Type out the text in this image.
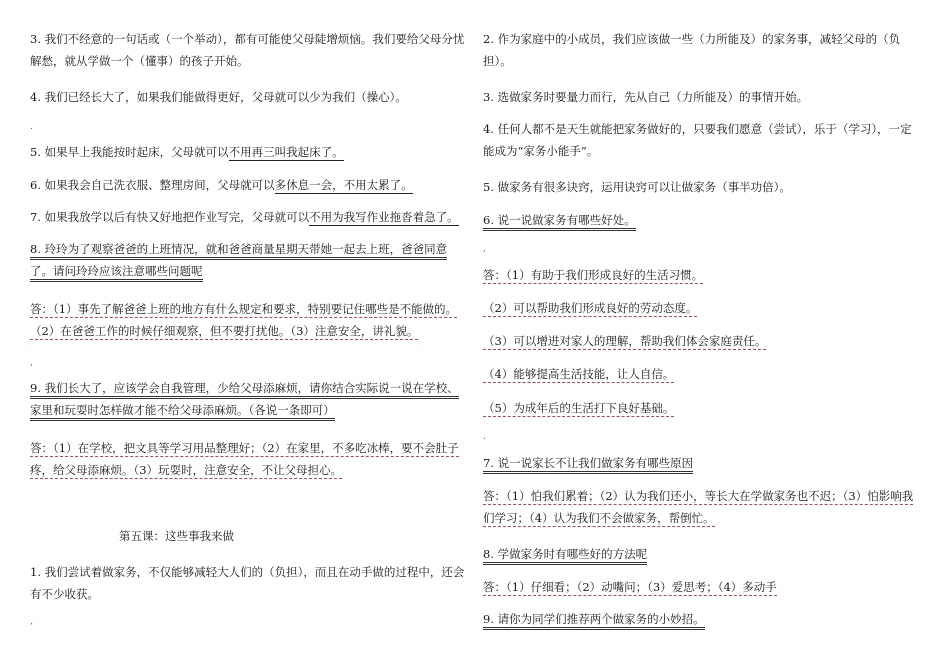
3. 我们不经意的一句话或（一个举动），都有可能使父母陡增烦恼。我们要给父母分忧解愁，就从学做一个（懂事）的孩子开始。
4. 我们已经长大了，如果我们能做得更好，父母就可以少为我们（操心）。
.
5. 如果早上我能按时起床，父母就可以不用再三叫我起床了。
6. 如果我会自己洗衣服、整理房间，父母就可以多休息一会，不用太累了。
7. 如果我放学以后有快又好地把作业写完，父母就可以不用为我写作业拖沓着急了。
8. 玲玲为了观察爸爸的上班情况，就和爸爸商量星期天带她一起去上班，爸爸同意了。请问玲玲应该注意哪些问题呢
答：（1）事先了解爸爸上班的地方有什么规定和要求，特别要记住哪些是不能做的。（2）在爸爸工作的时候仔细观察，但不要打扰他。（3）注意安全，讲礼貌。
,
9. 我们长大了，应该学会自我管理，少给父母添麻烦，请你结合实际说一说在学校、家里和玩耍时怎样做才能不给父母添麻烦。（各说一条即可）
答：（1）在学校，把文具等学习用品整理好；（2）在家里，不多吃冰棒，要不会肚子疼，给父母添麻烦。（3）玩耍时，注意安全，不让父母担心。
第五课：这些事我来做
1. 我们尝试着做家务，不仅能够减轻大人们的（负担），而且在动手做的过程中，还会有不少收获。
‘
2. 作为家庭中的小成员，我们应该做一些（力所能及）的家务事，减轻父母的（负担）。
3. 选做家务时要量力而行，先从自己（力所能及）的事情开始。
4. 任何人都不是天生就能把家务做好的，只要我们愿意（尝试），乐于（学习），一定能成为“家务小能手”。
5. 做家务有很多诀窍，运用诀窍可以让做家务（事半功倍）。
6. 说一说做家务有哪些好处。
,
答：（1）有助于我们形成良好的生活习惯。
（2）可以帮助我们形成良好的劳动态度。
（3）可以增进对家人的理解，帮助我们体会家庭责任。
（4）能够提高生活技能，让人自信。
（5）为成年后的生活打下良好基础。
.
7. 说一说家长不让我们做家务有哪些原因
答：（1）怕我们累着；（2）认为我们还小，等长大在学做家务也不迟；（3）怕影响我们学习；（4）认为我们不会做家务，帮倒忙。
8. 学做家务时有哪些好的方法呢
答：（1）仔细看；（2）动嘴问；（3）爱思考；（4）多动手
9. 请你为同学们推荐两个做家务的小妙招。
